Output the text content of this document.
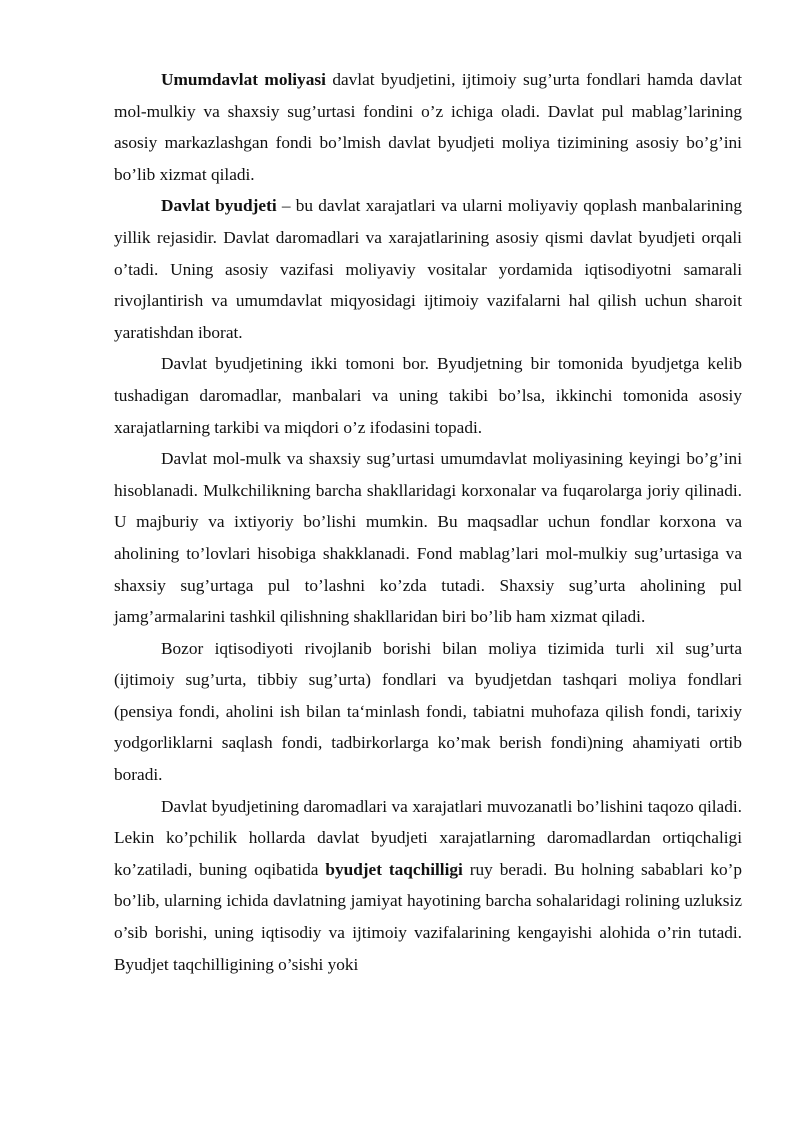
Umumdavlat moliyasi davlat byudjetini, ijtimoiy sug’urta fondlari hamda davlat mol-mulkiy va shaxsiy sug’urtasi fondini o’z ichiga oladi. Davlat pul mablag’larining asosiy markazlashgan fondi bo’lmish davlat byudjeti moliya tizimining asosiy bo’g’ini bo’lib xizmat qiladi.

Davlat byudjeti – bu davlat xarajatlari va ularni moliyaviy qoplash manbalarining yillik rejasidir. Davlat daromadlari va xarajatlarining asosiy qismi davlat byudjeti orqali o’tadi. Uning asosiy vazifasi moliyaviy vositalar yordamida iqtisodiyotni samarali rivojlantirish va umumdavlat miqyosidagi ijtimoiy vazifalarni hal qilish uchun sharoit yaratishdan iborat.

Davlat byudjetining ikki tomoni bor. Byudjetning bir tomonida byudjetga kelib tushadigan daromadlar, manbalari va uning takibi bo’lsa, ikkinchi tomonida asosiy xarajatlarning tarkibi va miqdori o’z ifodasini topadi.

Davlat mol-mulk va shaxsiy sug’urtasi umumdavlat moliyasining keyingi bo’g’ini hisoblanadi. Mulkchilikning barcha shakllaridagi korxonalar va fuqarolarga joriy qilinadi. U majburiy va ixtiyoriy bo’lishi mumkin. Bu maqsadlar uchun fondlar korxona va aholining to’lovlari hisobiga shakklanadi. Fond mablag’lari mol-mulkiy sug’urtasiga va shaxsiy sug’urtaga pul to’lashni ko’zda tutadi. Shaxsiy sug’urta aholining pul jamg’armalarini tashkil qilishning shakllaridan biri bo’lib ham xizmat qiladi.

Bozor iqtisodiyoti rivojlanib borishi bilan moliya tizimida turli xil sug’urta (ijtimoiy sug’urta, tibbiy sug’urta) fondlari va byudjetdan tashqari moliya fondlari (pensiya fondi, aholini ish bilan ta‘minlash fondi, tabiatni muhofaza qilish fondi, tarixiy yodgorliklarni saqlash fondi, tadbirkorlarga ko’mak berish fondi)ning ahamiyati ortib boradi.

Davlat byudjetining daromadlari va xarajatlari muvozanatli bo’lishini taqozo qiladi. Lekin ko’pchilik hollarda davlat byudjeti xarajatlarning daromadlardan ortiqchaligi ko’zatiladi, buning oqibatida byudjet taqchilligi ruy beradi. Bu holning sabablari ko’p bo’lib, ularning ichida davlatning jamiyat hayotining barcha sohalaridagi rolining uzluksiz o’sib borishi, uning iqtisodiy va ijtimoiy vazifalarining kengayishi alohida o’rin tutadi. Byudjet taqchilligining o’sishi yoki
